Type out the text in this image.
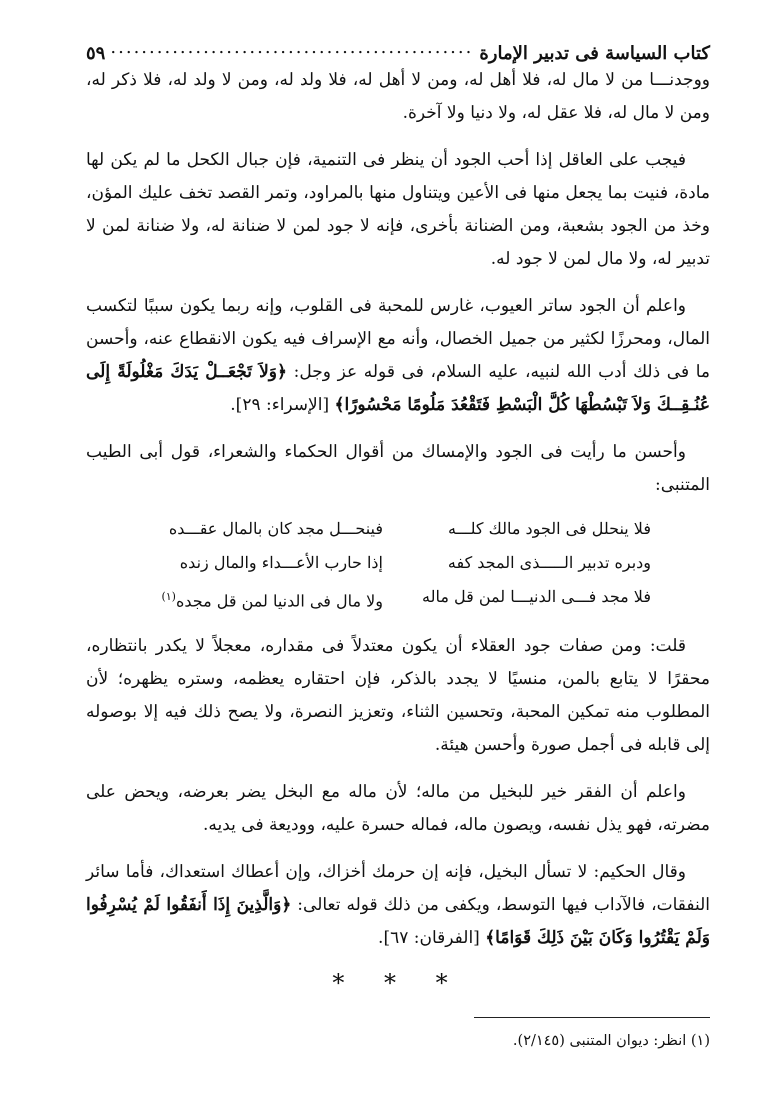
كتاب السياسة فى تدبير الإمارة
.....
٥٩

ووجدنـــا من لا مال له، فلا أهل له، ومن لا أهل له، فلا ولد له، ومن لا ولد له، فلا ذكر له، ومن لا مال له، فلا عقل له، ولا دنيا ولا آخرة.

فيجب على العاقل إذا أحب الجود أن ينظر فى التنمية، فإن جبال الكحل ما لم يكن لها مادة، فنيت بما يجعل منها فى الأعين ويتناول منها بالمراود، وتمر القصد تخف عليك المؤن، وخذ من الجود بشعبة، ومن الضنانة بأخرى، فإنه لا جود لمن لا ضنانة له، ولا ضنانة لمن لا تدبير له، ولا مال لمن لا جود له.

واعلم أن الجود ساتر العيوب، غارس للمحبة فى القلوب، وإنه ربما يكون سببًا لتكسب المال، ومحرزًا لكثير من جميل الخصال، وأنه مع الإسراف فيه يكون الانقطاع عنه، وأحسن ما فى ذلك أدب الله لنبيه، عليه السلام، فى قوله عز وجل: ﴿وَلاَ تَجْعَــلْ يَدَكَ مَغْلُولَةً إِلَى عُنُـقِــكَ وَلاَ تَبْسُطْهَا كُلَّ الْبَسْطِ فَتَقْعُدَ مَلُومًا مَحْسُورًا﴾ [الإسراء: ٢٩].

وأحسن ما رأيت فى الجود والإمساك من أقوال الحكماء والشعراء، قول أبى الطيب المتنبى:

فلا ينحلل فى الجود مالك كلـــه
فينحـــل مجد كان بالمال عقـــده
ودبره تدبير الـــــذى المجد كفه
إذا حارب الأعـــداء والمال زنده
فلا مجد فـــى الدنيـــا لمن قل ماله
ولا مال فى الدنيا لمن قل مجده$^{(١)}$

قلت: ومن صفات جود العقلاء أن يكون معتدلاً فى مقداره، معجلاً لا يكدر بانتظاره، محقرًا لا يتابع بالمن، منسيًا لا يجدد بالذكر، فإن احتقاره يعظمه، وستره يظهره؛ لأن المطلوب منه تمكين المحبة، وتحسين الثناء، وتعزيز النصرة، ولا يصح ذلك فيه إلا بوصوله إلى قابله فى أجمل صورة وأحسن هيئة.

واعلم أن الفقر خير للبخيل من ماله؛ لأن ماله مع البخل يضر بعرضه، ويحض على مضرته، فهو يذل نفسه، ويصون ماله، فماله حسرة عليه، ووديعة فى يديه.

وقال الحكيم: لا تسأل البخيل، فإنه إن حرمك أخزاك، وإن أعطاك استعداك، فأما سائر النفقات، فالآداب فيها التوسط، ويكفى من ذلك قوله تعالى: ﴿وَالَّذِينَ إِذَا أَنفَقُوا لَمْ يُسْرِفُوا وَلَمْ يَقْتُرُوا وَكَانَ بَيْنَ ذَلِكَ قَوَامًا﴾ [الفرقان: ٦٧].

* * *
(١) انظر: ديوان المتنبى (٢/١٤٥).
